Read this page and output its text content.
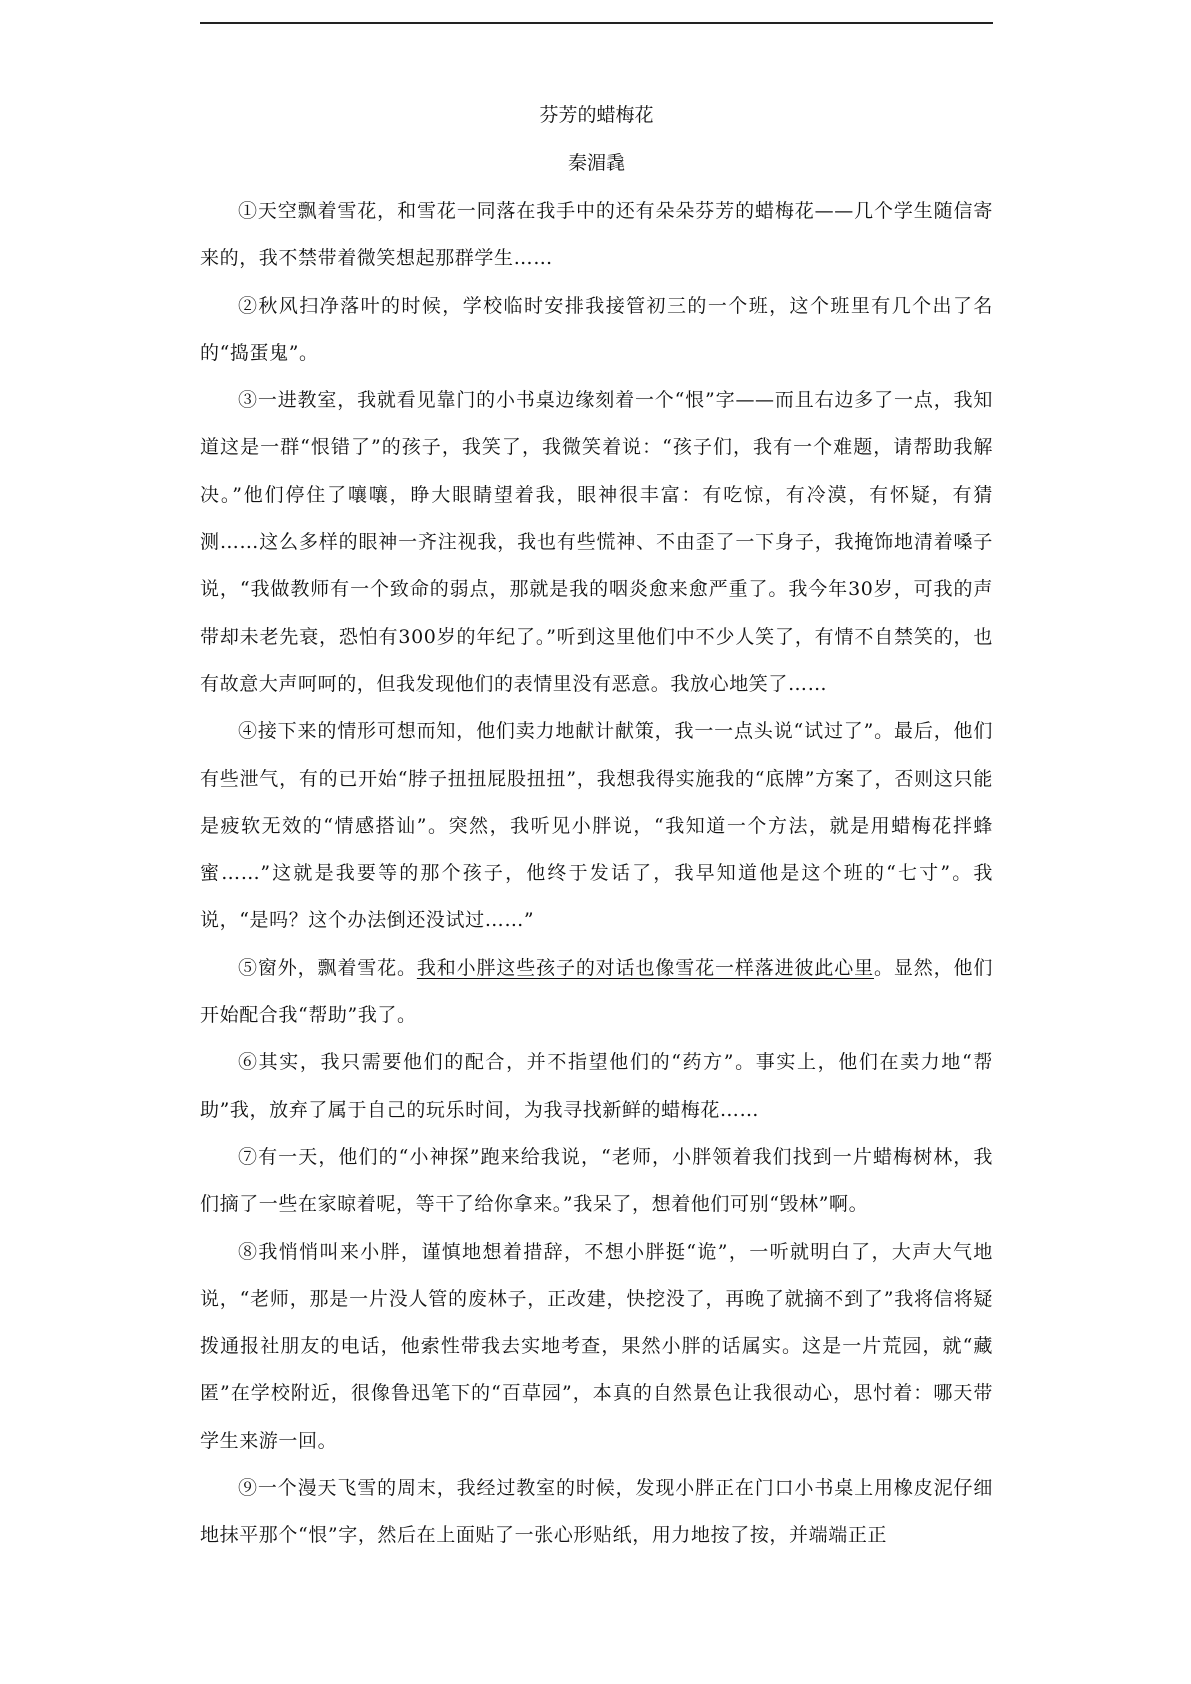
芬芳的蜡梅花

秦湄毳

①天空飘着雪花，和雪花一同落在我手中的还有朵朵芬芳的蜡梅花——几个学生随信寄来的，我不禁带着微笑想起那群学生……

②秋风扫净落叶的时候，学校临时安排我接管初三的一个班，这个班里有几个出了名的“捣蛋鬼”。

③一进教室，我就看见靠门的小书桌边缘刻着一个“恨”字——而且右边多了一点，我知道这是一群“恨错了”的孩子，我笑了，我微笑着说：“孩子们，我有一个难题，请帮助我解决。”他们停住了嚷嚷，睁大眼睛望着我，眼神很丰富：有吃惊，有冷漠，有怀疑，有猜测……这么多样的眼神一齐注视我，我也有些慌神、不由歪了一下身子，我掩饰地清着嗓子说，“我做教师有一个致命的弱点，那就是我的咽炎愈来愈严重了。我今年30岁，可我的声带却未老先衰，恐怕有300岁的年纪了。”听到这里他们中不少人笑了，有情不自禁笑的，也有故意大声呵呵的，但我发现他们的表情里没有恶意。我放心地笑了……

④接下来的情形可想而知，他们卖力地献计献策，我一一点头说“试过了”。最后，他们有些泄气，有的已开始“脖子扭扭屁股扭扭”，我想我得实施我的“底牌”方案了，否则这只能是疲软无效的“情感搭讪”。突然，我听见小胖说，“我知道一个方法，就是用蜡梅花拌蜂蜜……”这就是我要等的那个孩子，他终于发话了，我早知道他是这个班的“七寸”。我说，“是吗？这个办法倒还没试过……”

⑤窗外，飘着雪花。我和小胖这些孩子的对话也像雪花一样落进彼此心里。显然，他们开始配合我“帮助”我了。

⑥其实，我只需要他们的配合，并不指望他们的“药方”。事实上，他们在卖力地“帮助”我，放弃了属于自己的玩乐时间，为我寻找新鲜的蜡梅花……

⑦有一天，他们的“小神探”跑来给我说，“老师，小胖领着我们找到一片蜡梅树林，我们摘了一些在家晾着呢，等干了给你拿来。”我呆了，想着他们可别“毁林”啊。

⑧我悄悄叫来小胖，谨慎地想着措辞，不想小胖挺“诡”，一听就明白了，大声大气地说，“老师，那是一片没人管的废林子，正改建，快挖没了，再晚了就摘不到了”我将信将疑拨通报社朋友的电话，他索性带我去实地考查，果然小胖的话属实。这是一片荒园，就“藏匿”在学校附近，很像鲁迅笔下的“百草园”，本真的自然景色让我很动心，思忖着：哪天带学生来游一回。

⑨一个漫天飞雪的周末，我经过教室的时候，发现小胖正在门口小书桌上用橡皮泥仔细地抹平那个“恨”字，然后在上面贴了一张心形贴纸，用力地按了按，并端端正正
